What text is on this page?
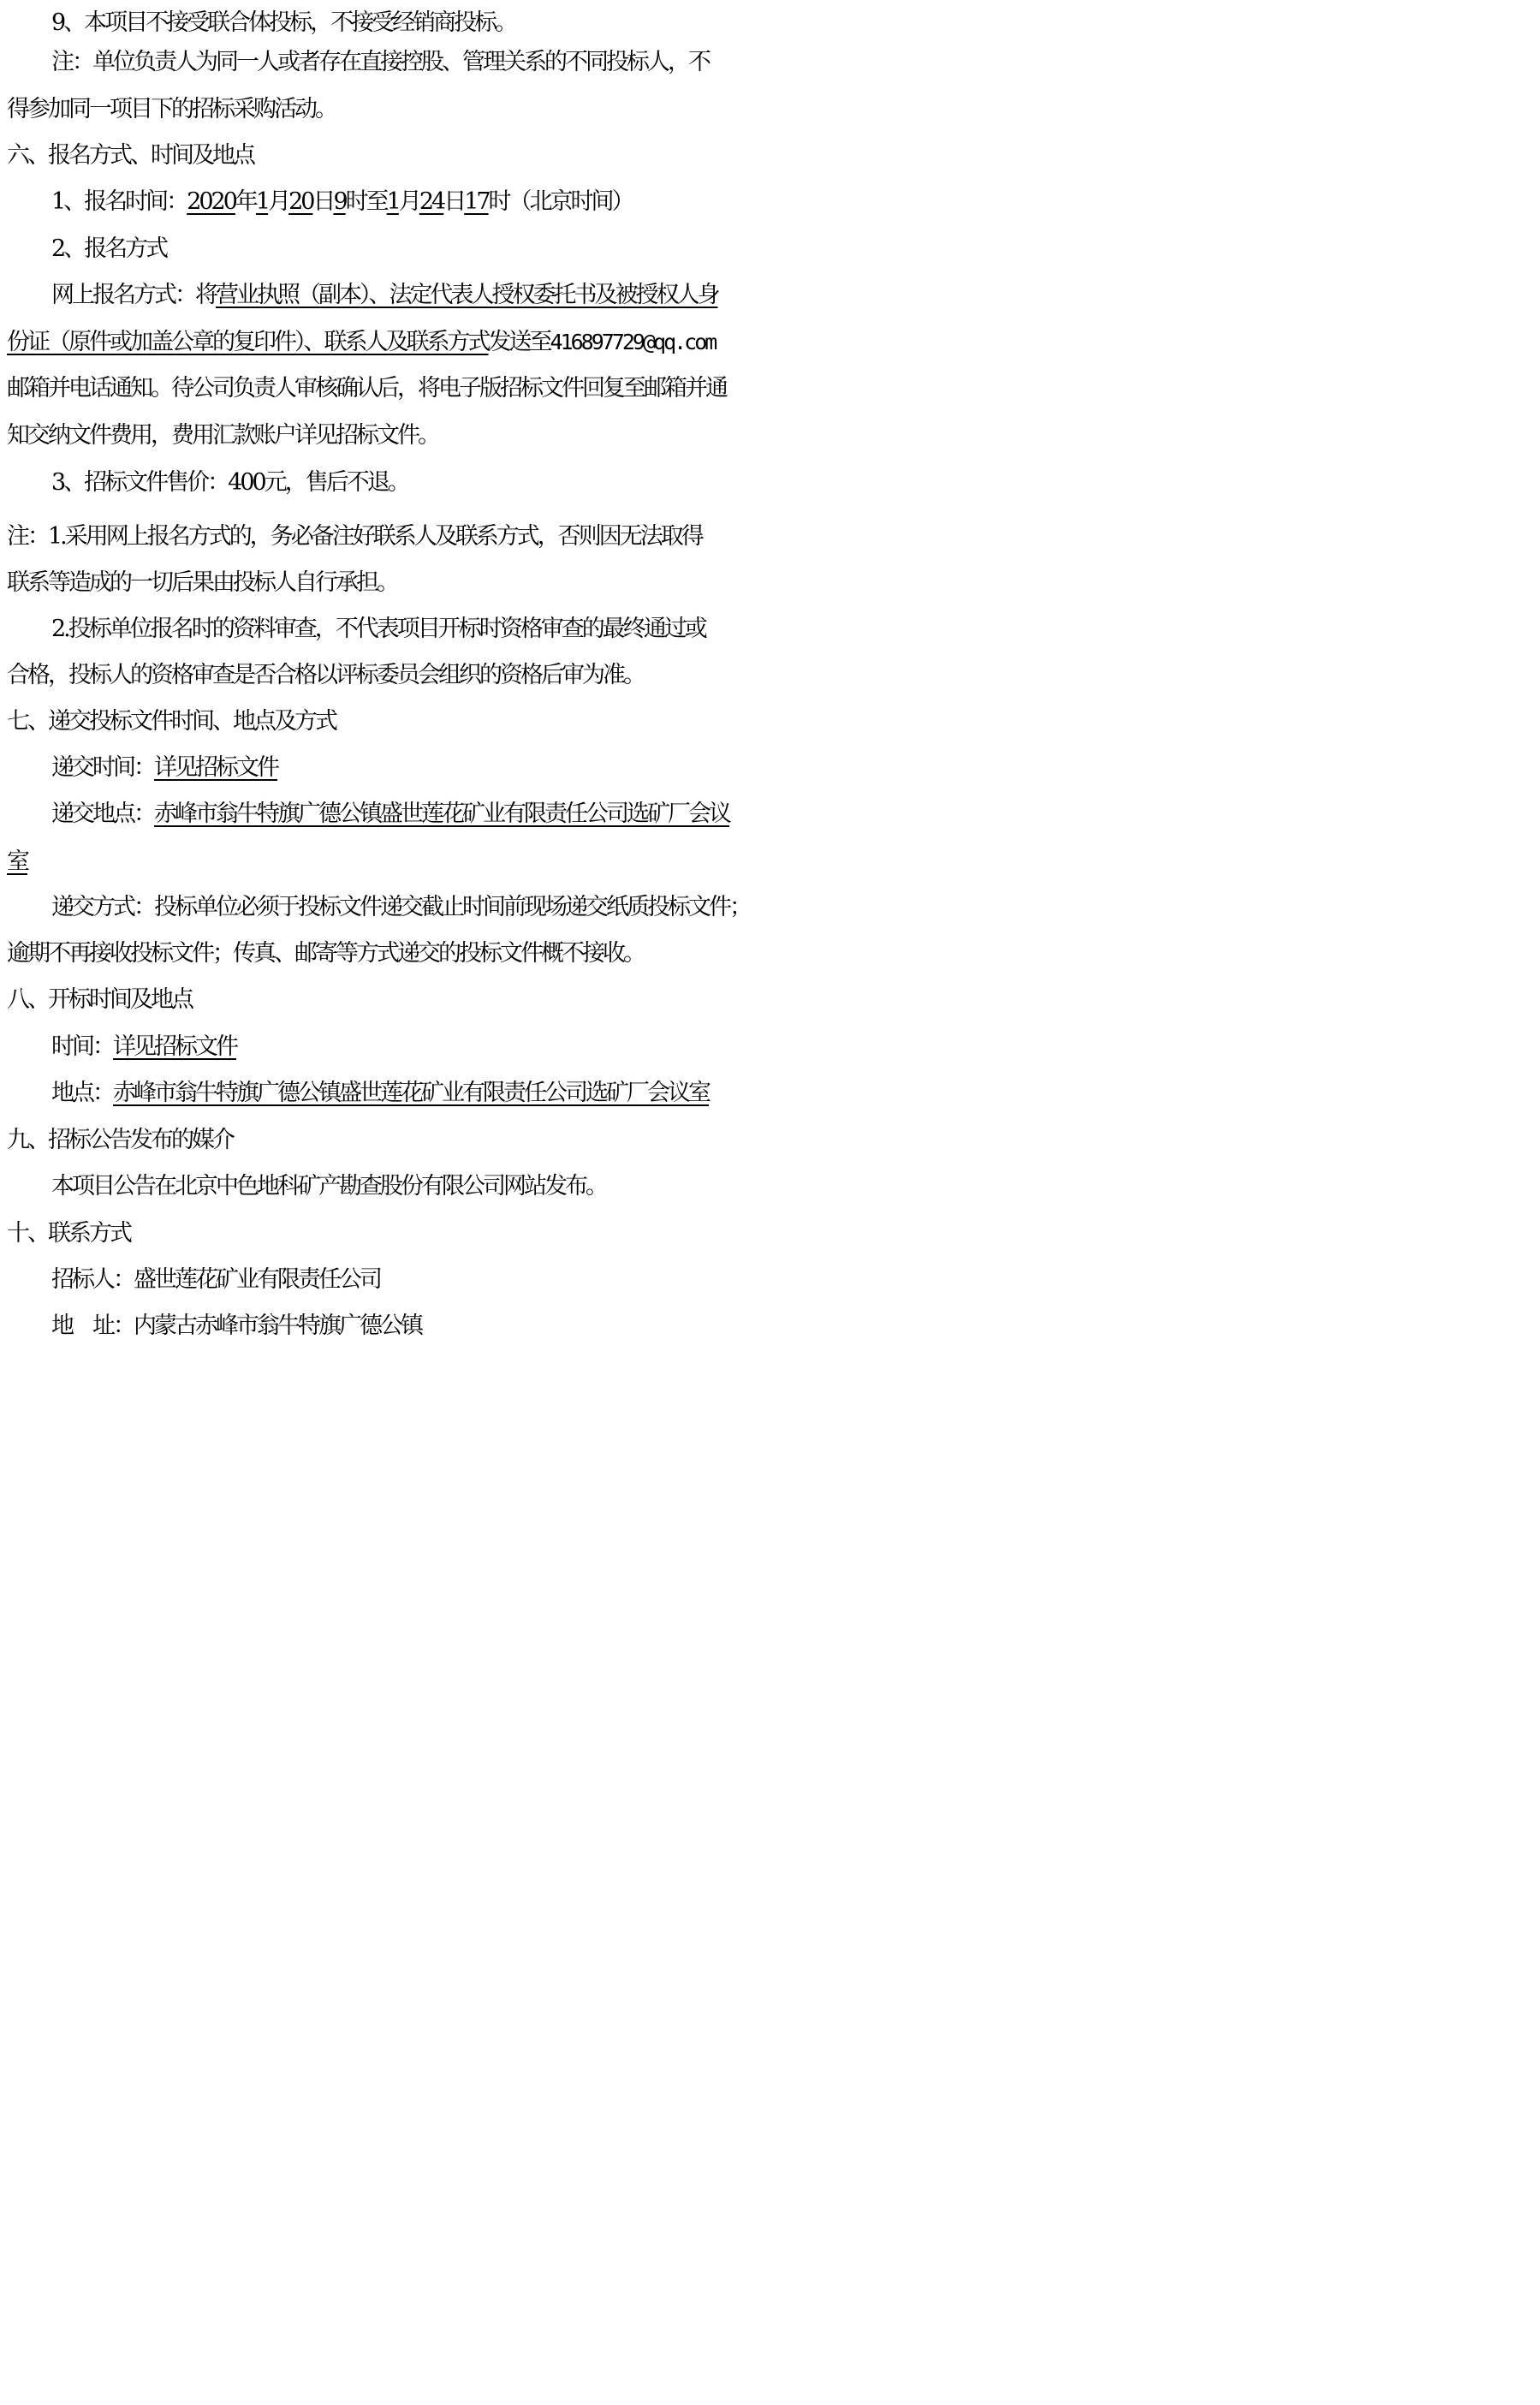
9、本项目不接受联合体投标，不接受经销商投标。
注：单位负责人为同一人或者存在直接控股、管理关系的不同投标人，不
得参加同一项目下的招标采购活动。
六、报名方式、时间及地点
1、报名时间：2020年1月20日9时至1月24日17时（北京时间）
2、报名方式
网上报名方式：将营业执照（副本）、法定代表人授权委托书及被授权人身
份证（原件或加盖公章的复印件）、联系人及联系方式发送至416897729@qq.com
邮箱并电话通知。待公司负责人审核确认后，将电子版招标文件回复至邮箱并通
知交纳文件费用，费用汇款账户详见招标文件。
3、招标文件售价：400元，售后不退。
注：1.采用网上报名方式的，务必备注好联系人及联系方式，否则因无法取得
联系等造成的一切后果由投标人自行承担。
2.投标单位报名时的资料审查，不代表项目开标时资格审查的最终通过或
合格，投标人的资格审查是否合格以评标委员会组织的资格后审为准。
七、递交投标文件时间、地点及方式
递交时间：详见招标文件
递交地点：赤峰市翁牛特旗广德公镇盛世莲花矿业有限责任公司选矿厂会议
室
递交方式：投标单位必须于投标文件递交截止时间前现场递交纸质投标文件；
逾期不再接收投标文件；传真、邮寄等方式递交的投标文件概不接收。
八、开标时间及地点
时间：详见招标文件
地点：赤峰市翁牛特旗广德公镇盛世莲花矿业有限责任公司选矿厂会议室
九、招标公告发布的媒介
本项目公告在北京中色地科矿产勘查股份有限公司网站发布。
十、联系方式
招标人：盛世莲花矿业有限责任公司
地　址：内蒙古赤峰市翁牛特旗广德公镇
